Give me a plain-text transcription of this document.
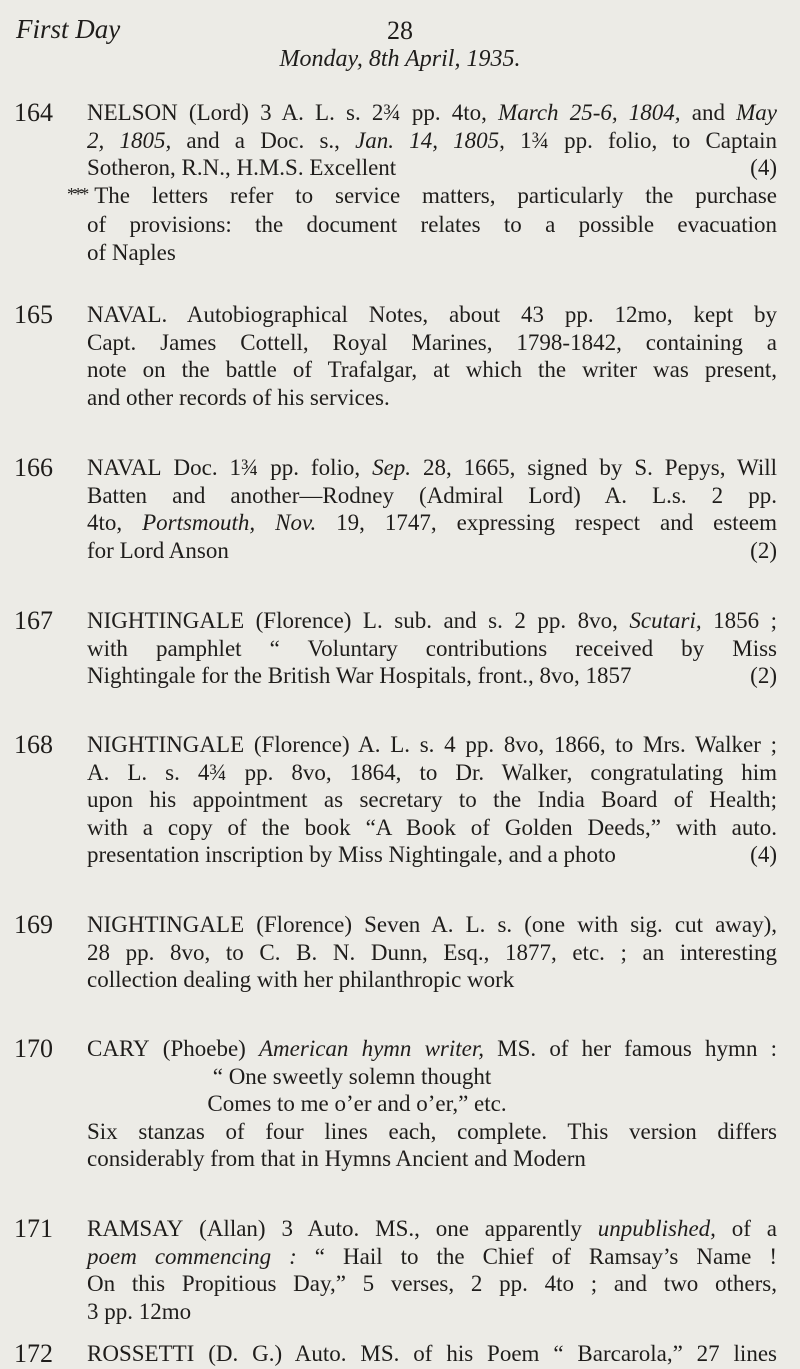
First Day	28
Monday, 8th April, 1935.
164 NELSON (Lord) 3 A. L. s. 2¾ pp. 4to, March 25-6, 1804, and May
2, 1805, and a Doc. s., Jan. 14, 1805, 1¾ pp. folio, to Captain
Sotheron, R.N., H.M.S. Excellent	(4)
* * * The letters refer to service matters, particularly the purchase
of provisions: the document relates to a possible evacuation
of Naples
165 NAVAL. Autobiographical Notes, about 43 pp. 12mo, kept by
Capt. James Cottell, Royal Marines, 1798-1842, containing a
note on the battle of Trafalgar, at which the writer was present,
and other records of his services.
166 NAVAL Doc. 1¾ pp. folio, Sep. 28, 1665, signed by S. Pepys, Will
Batten and another—Rodney (Admiral Lord) A. L.s. 2 pp.
4to, Portsmouth, Nov. 19, 1747, expressing respect and esteem
for Lord Anson	(2)
167 NIGHTINGALE (Florence) L. sub. and s. 2 pp. 8vo, Scutari, 1856 ;
with pamphlet “ Voluntary contributions received by Miss
Nightingale for the British War Hospitals, front., 8vo, 1857	(2)
168 NIGHTINGALE (Florence) A. L. s. 4 pp. 8vo, 1866, to Mrs. Walker ;
A. L. s. 4¾ pp. 8vo, 1864, to Dr. Walker, congratulating him
upon his appointment as secretary to the India Board of Health;
with a copy of the book “A Book of Golden Deeds,” with auto.
presentation inscription by Miss Nightingale, and a photo	(4)
169 NIGHTINGALE (Florence) Seven A. L. s. (one with sig. cut away),
28 pp. 8vo, to C. B. N. Dunn, Esq., 1877, etc. ; an interesting
collection dealing with her philanthropic work
170 CARY (Phoebe) American hymn writer, MS. of her famous hymn :
“ One sweetly solemn thought
Comes to me o’er and o’er,” etc.
Six stanzas of four lines each, complete. This version differs
considerably from that in Hymns Ancient and Modern
171 RAMSAY (Allan) 3 Auto. MS., one apparently unpublished, of a
poem commencing : “ Hail to the Chief of Ramsay’s Name !
On this Propitious Day,” 5 verses, 2 pp. 4to ; and two others,
3 pp. 12mo
172 ROSSETTI (D. G.) Auto. MS. of his Poem “ Barcarola,” 27 lines
